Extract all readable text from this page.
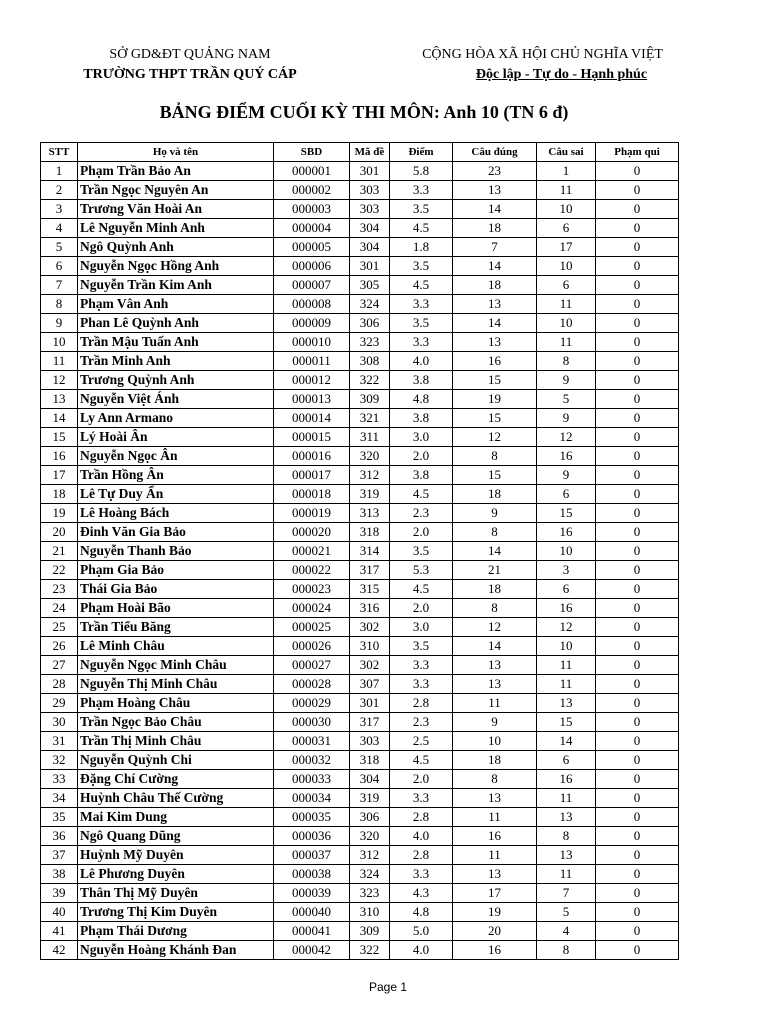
SỞ GD&ĐT QUẢNG NAM
TRƯỜNG THPT TRẦN QUÝ CÁP
CỘNG HÒA XÃ HỘI CHỦ NGHĨA VIỆT
Độc lập - Tự do - Hạnh phúc
BẢNG ĐIỂM CUỐI KỲ THI MÔN: Anh 10 (TN 6 đ)
STT	Họ và tên	SBD	Mã đề	Điểm	Câu đúng	Câu sai	Phạm qui
1	Phạm Trần Bảo An	000001	301	5.8	23	1	0
2	Trần Ngọc Nguyên An	000002	303	3.3	13	11	0
3	Trương Văn Hoài An	000003	303	3.5	14	10	0
4	Lê Nguyễn Minh Anh	000004	304	4.5	18	6	0
5	Ngô Quỳnh Anh	000005	304	1.8	7	17	0
6	Nguyễn Ngọc Hồng Anh	000006	301	3.5	14	10	0
7	Nguyễn Trần Kim Anh	000007	305	4.5	18	6	0
8	Phạm Vân Anh	000008	324	3.3	13	11	0
9	Phan Lê Quỳnh Anh	000009	306	3.5	14	10	0
10	Trần Mậu Tuấn Anh	000010	323	3.3	13	11	0
11	Trần Minh Anh	000011	308	4.0	16	8	0
12	Trương Quỳnh Anh	000012	322	3.8	15	9	0
13	Nguyễn Việt Ánh	000013	309	4.8	19	5	0
14	Ly Ann Armano	000014	321	3.8	15	9	0
15	Lý Hoài Ân	000015	311	3.0	12	12	0
16	Nguyễn Ngọc Ân	000016	320	2.0	8	16	0
17	Trần Hồng Ân	000017	312	3.8	15	9	0
18	Lê Tự Duy Ẩn	000018	319	4.5	18	6	0
19	Lê Hoàng Bách	000019	313	2.3	9	15	0
20	Đinh Văn Gia Bảo	000020	318	2.0	8	16	0
21	Nguyễn Thanh Bảo	000021	314	3.5	14	10	0
22	Phạm Gia Bảo	000022	317	5.3	21	3	0
23	Thái Gia Bảo	000023	315	4.5	18	6	0
24	Phạm Hoài Bão	000024	316	2.0	8	16	0
25	Trần Tiểu Băng	000025	302	3.0	12	12	0
26	Lê Minh Châu	000026	310	3.5	14	10	0
27	Nguyễn Ngọc Minh Châu	000027	302	3.3	13	11	0
28	Nguyễn Thị Minh Châu	000028	307	3.3	13	11	0
29	Phạm Hoàng Châu	000029	301	2.8	11	13	0
30	Trần Ngọc Bảo Châu	000030	317	2.3	9	15	0
31	Trần Thị Minh Châu	000031	303	2.5	10	14	0
32	Nguyễn Quỳnh Chi	000032	318	4.5	18	6	0
33	Đặng Chí Cường	000033	304	2.0	8	16	0
34	Huỳnh Châu Thế Cường	000034	319	3.3	13	11	0
35	Mai Kim Dung	000035	306	2.8	11	13	0
36	Ngô Quang Dũng	000036	320	4.0	16	8	0
37	Huỳnh Mỹ Duyên	000037	312	2.8	11	13	0
38	Lê Phương Duyên	000038	324	3.3	13	11	0
39	Thân Thị Mỹ Duyên	000039	323	4.3	17	7	0
40	Trương Thị Kim Duyên	000040	310	4.8	19	5	0
41	Phạm Thái Dương	000041	309	5.0	20	4	0
42	Nguyễn Hoàng Khánh Đan	000042	322	4.0	16	8	0
Page 1
